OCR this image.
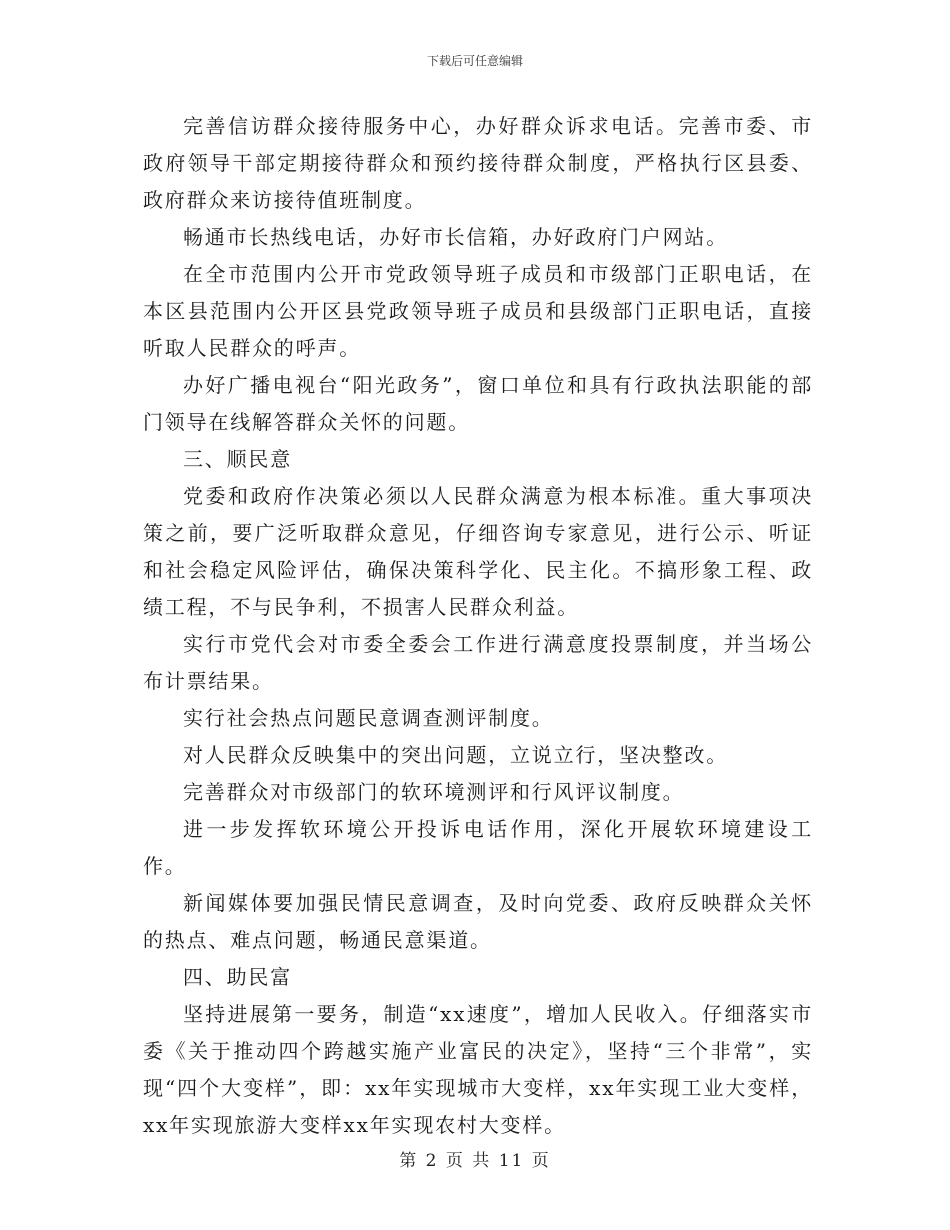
下载后可任意编辑

完善信访群众接待服务中心，办好群众诉求电话。完善市委、市政府领导干部定期接待群众和预约接待群众制度，严格执行区县委、政府群众来访接待值班制度。

畅通市长热线电话，办好市长信箱，办好政府门户网站。

在全市范围内公开市党政领导班子成员和市级部门正职电话，在本区县范围内公开区县党政领导班子成员和县级部门正职电话，直接听取人民群众的呼声。

办好广播电视台“阳光政务”，窗口单位和具有行政执法职能的部门领导在线解答群众关怀的问题。

三、顺民意

党委和政府作决策必须以人民群众满意为根本标准。重大事项决策之前，要广泛听取群众意见，仔细咨询专家意见，进行公示、听证和社会稳定风险评估，确保决策科学化、民主化。不搞形象工程、政绩工程，不与民争利，不损害人民群众利益。

实行市党代会对市委全委会工作进行满意度投票制度，并当场公布计票结果。

实行社会热点问题民意调查测评制度。

对人民群众反映集中的突出问题，立说立行，坚决整改。

完善群众对市级部门的软环境测评和行风评议制度。

进一步发挥软环境公开投诉电话作用，深化开展软环境建设工作。

新闻媒体要加强民情民意调查，及时向党委、政府反映群众关怀的热点、难点问题，畅通民意渠道。

四、助民富

坚持进展第一要务，制造“xx速度”，增加人民收入。仔细落实市委《关于推动四个跨越实施产业富民的决定》，坚持“三个非常”，实现“四个大变样”，即：xx年实现城市大变样，xx年实现工业大变样，xx年实现旅游大变样xx年实现农村大变样。

第 2 页 共 11 页
